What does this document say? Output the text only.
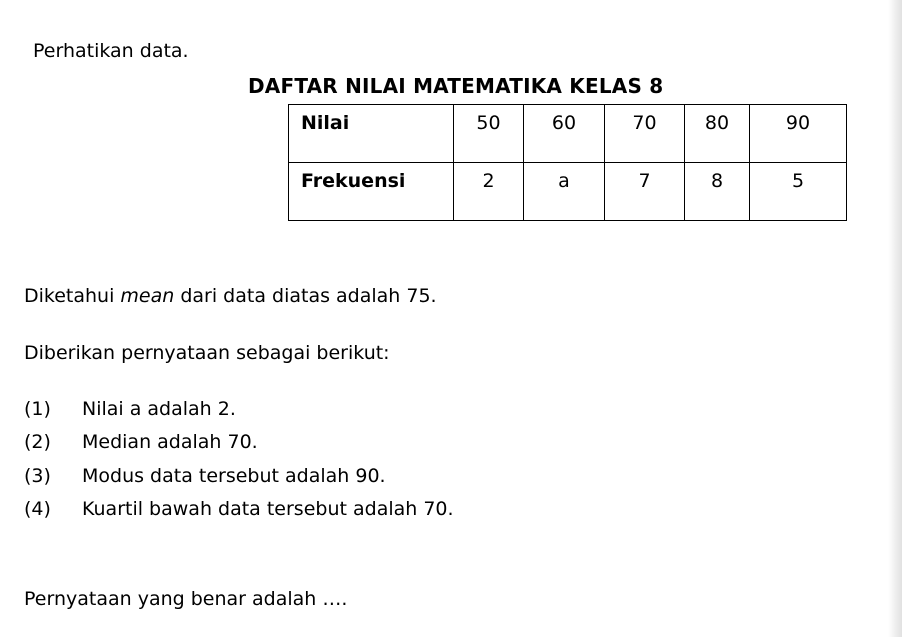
Perhatikan data.
DAFTAR NILAI MATEMATIKA KELAS 8
Nilai	50	60	70	80	90
Frekuensi	2	a	7	8	5
Diketahui mean dari data diatas adalah 75.
Diberikan pernyataan sebagai berikut:
(1) Nilai a adalah 2.
(2) Median adalah 70.
(3) Modus data tersebut adalah 90.
(4) Kuartil bawah data tersebut adalah 70.
Pernyataan yang benar adalah ….
